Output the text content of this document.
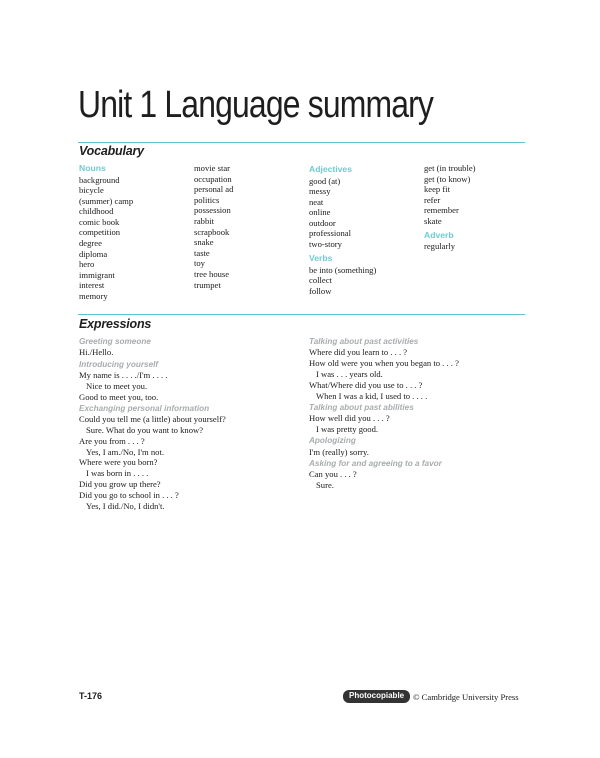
Unit 1 Language summary
Vocabulary
Nouns
background
bicycle
(summer) camp
childhood
comic book
competition
degree
diploma
hero
immigrant
interest
memory
movie star
occupation
personal ad
politics
possession
rabbit
scrapbook
snake
taste
toy
tree house
trumpet
Adjectives
good (at)
messy
neat
online
outdoor
professional
two-story
Verbs
be into (something)
collect
follow
get (in trouble)
get (to know)
keep fit
refer
remember
skate
Adverb
regularly
Expressions
Greeting someone
Hi./Hello.
Introducing yourself
My name is . . . ./I'm . . . .
Nice to meet you.
Good to meet you, too.
Exchanging personal information
Could you tell me (a little) about yourself?
Sure. What do you want to know?
Are you from . . . ?
Yes, I am./No, I'm not.
Where were you born?
I was born in . . . .
Did you grow up there?
Did you go to school in . . . ?
Yes, I did./No, I didn't.
Talking about past activities
Where did you learn to . . . ?
How old were you when you began to . . . ?
I was . . . years old.
What/Where did you use to . . . ?
When I was a kid, I used to . . . .
Talking about past abilities
How well did you . . . ?
I was pretty good.
Apologizing
I'm (really) sorry.
Asking for and agreeing to a favor
Can you . . . ?
Sure.
T-176	Photocopiable	© Cambridge University Press
